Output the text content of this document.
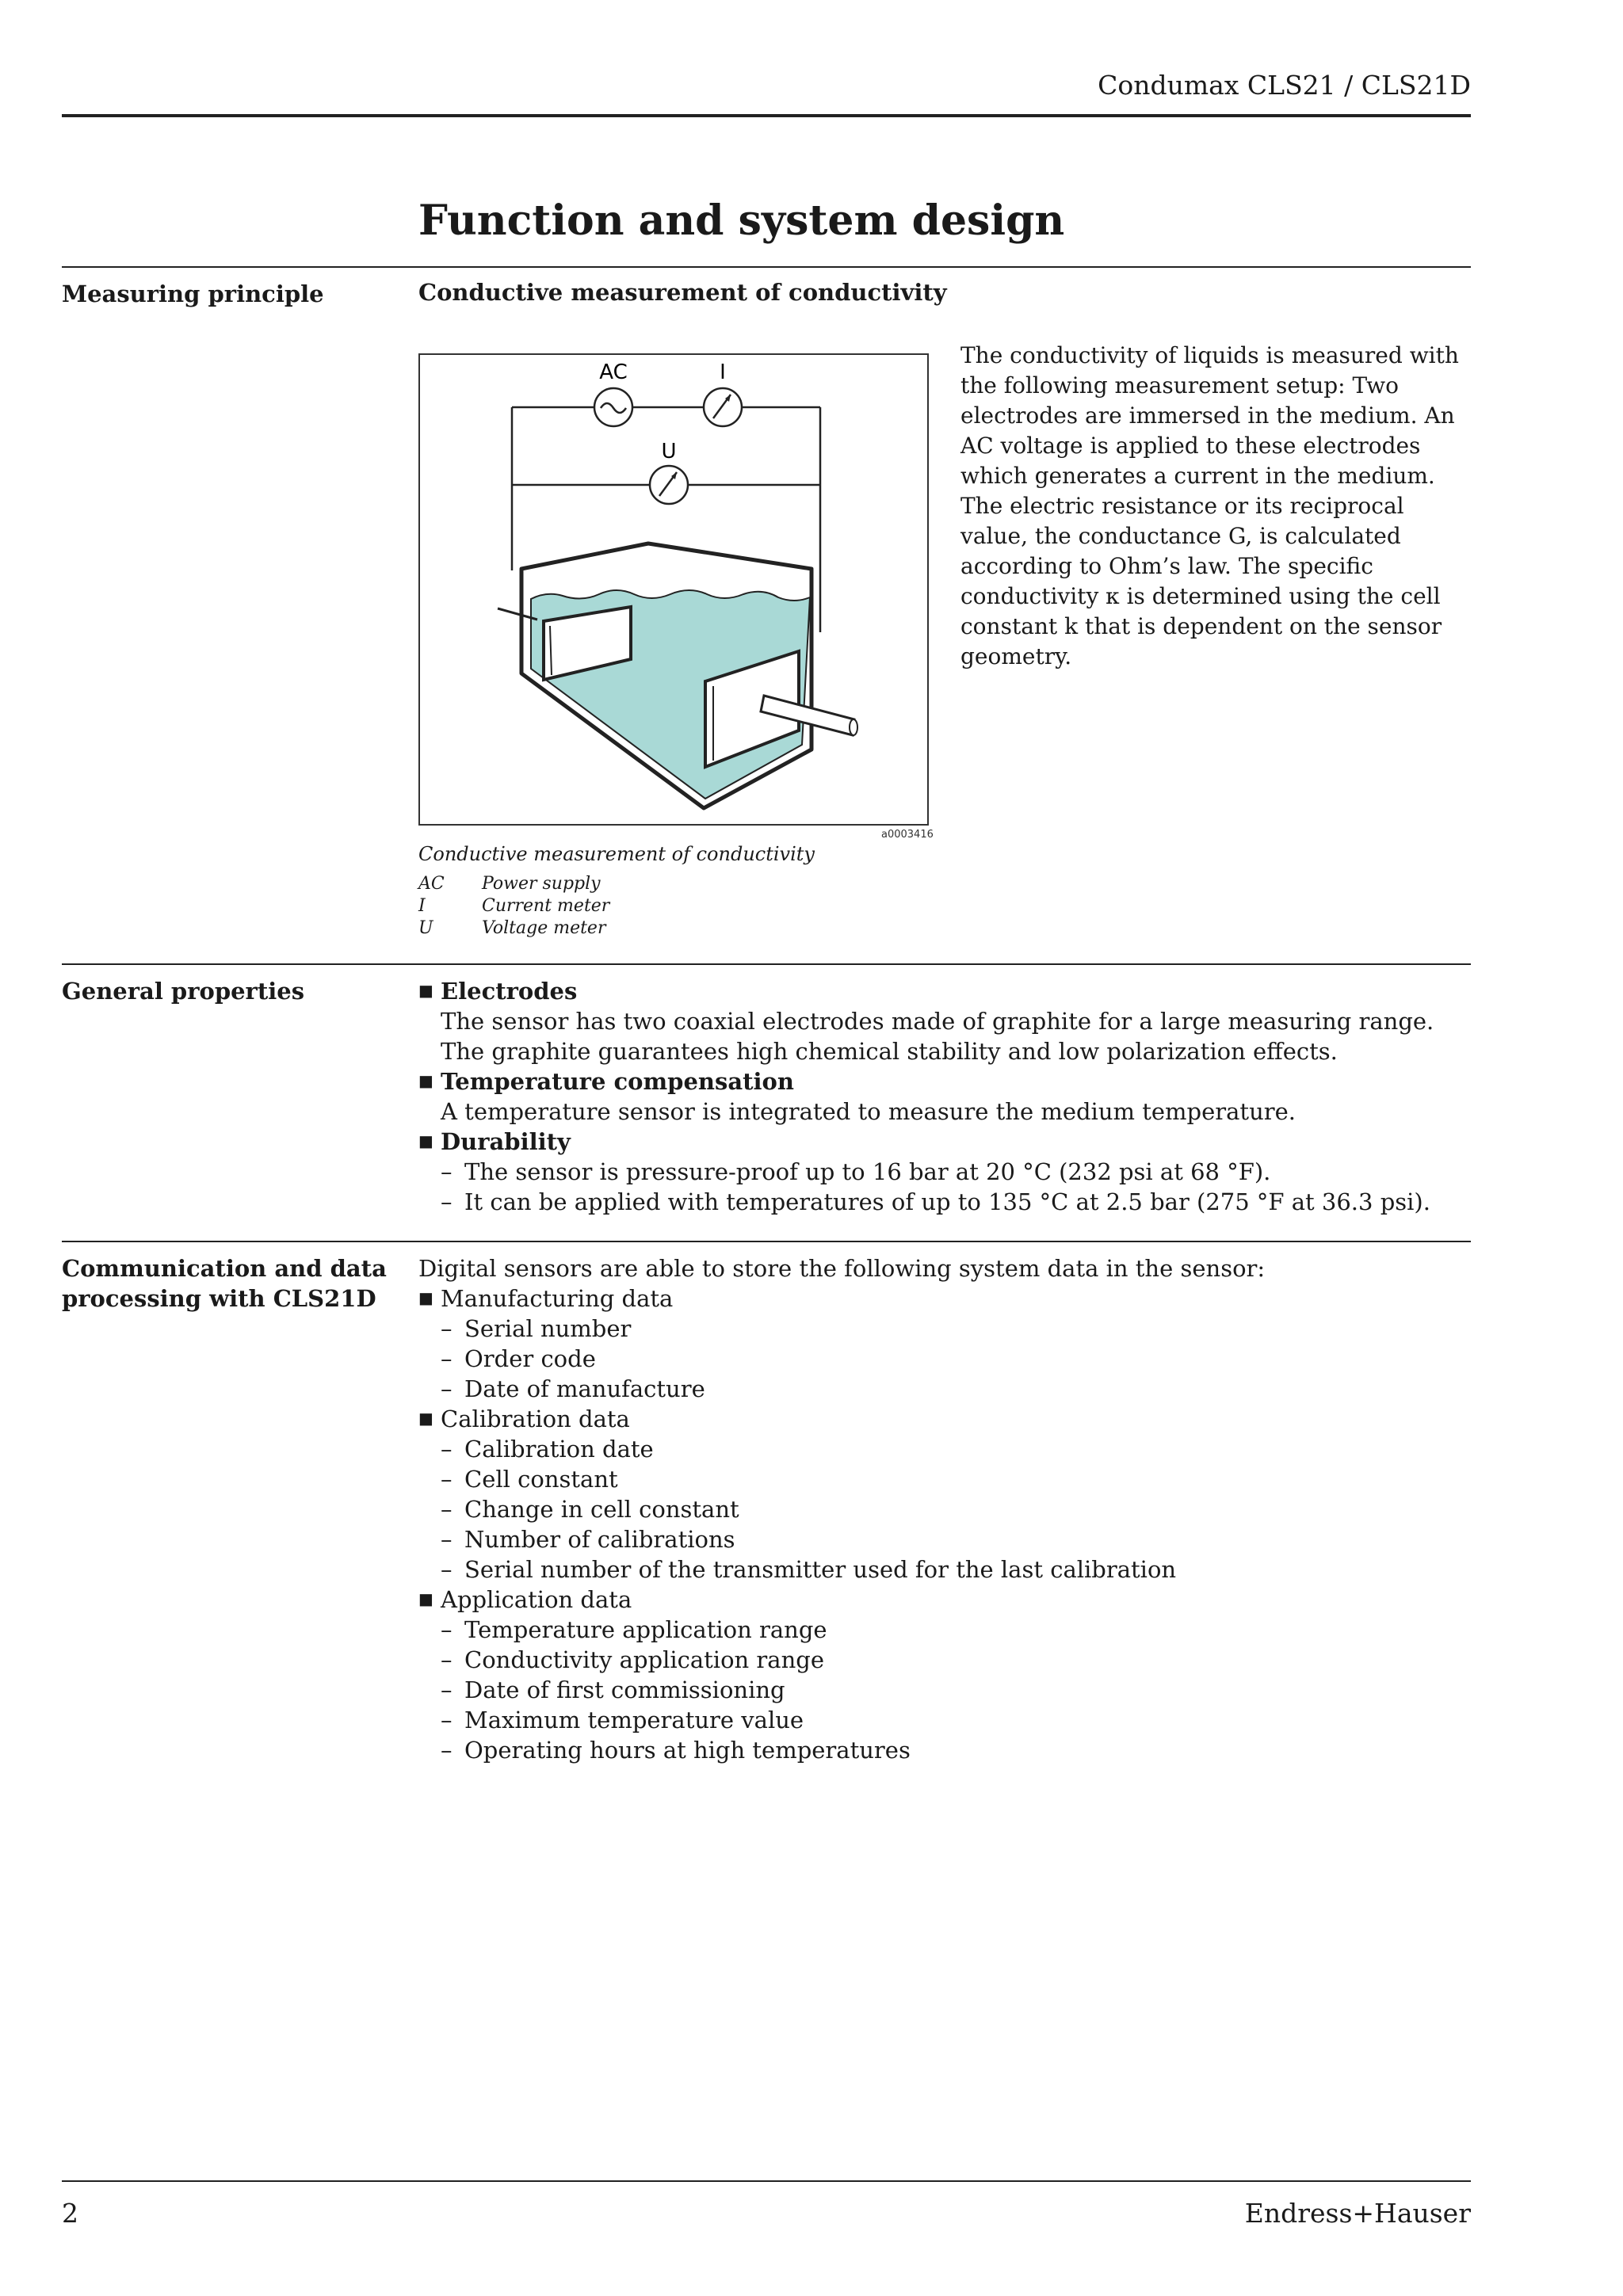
Condumax CLS21 / CLS21D
Function and system design
Measuring principle	Conductive measurement of conductivity
AC	I
U
a0003416
Conductive measurement of conductivity
AC	Power supply
I	Current meter
U	Voltage meter

The conductivity of liquids is measured with the following measurement setup: Two electrodes are immersed in the medium. An AC voltage is applied to these electrodes which generates a current in the medium.

The electric resistance or its reciprocal value, the conductance G, is calculated according to Ohm’s law. The specific conductivity κ is determined using the cell constant k that is dependent on the sensor geometry.

General properties
■	Electrodes
The sensor has two coaxial electrodes made of graphite for a large measuring range.
The graphite guarantees high chemical stability and low polarization effects.
■ Temperature compensation
A temperature sensor is integrated to measure the medium temperature.
■ Durability
– The sensor is pressure-proof up to 16 bar at 20 °C (232 psi at 68 °F).
– It can be applied with temperatures of up to 135 °C at 2.5 bar (275 °F at 36.3 psi).
Communication and data
processing with CLS21D
Digital sensors are able to store the following system data in the sensor:
■ Manufacturing data
– Serial number
– Order code
– Date of manufacture
■ Calibration data
– Calibration date
– Cell constant
– Change in cell constant
– Number of calibrations
– Serial number of the transmitter used for the last calibration
■ Application data
– Temperature application range
– Conductivity application range
– Date of first commissioning
– Maximum temperature value
– Operating hours at high temperatures
2	Endress+Hauser
